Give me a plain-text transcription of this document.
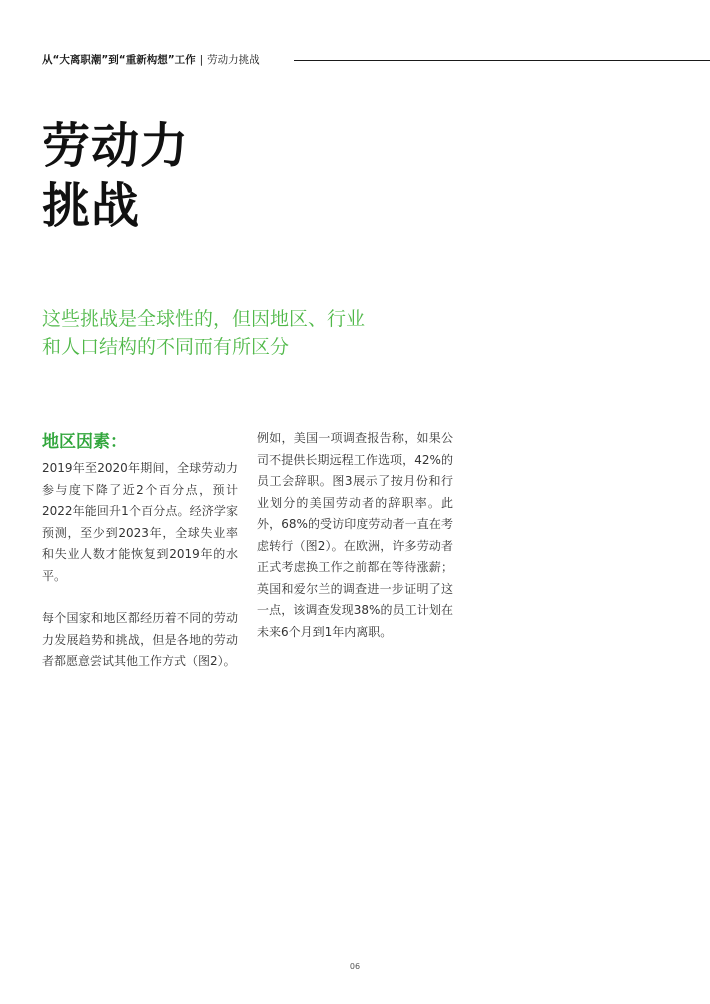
从“大离职潮”到“重新构想”工作 | 劳动力挑战
劳动力
挑战
这些挑战是全球性的，但因地区、行业
和人口结构的不同而有所区分
地区因素：

2019年至2020年期间，全球劳动力参与度下降了近2个百分点，预计2022年能回升1个百分点。经济学家预测，至少到2023年，全球失业率和失业人数才能恢复到2019年的水平。

每个国家和地区都经历着不同的劳动力发展趋势和挑战，但是各地的劳动者都愿意尝试其他工作方式（图2）。

例如，美国一项调查报告称，如果公司不提供长期远程工作选项，42%的员工会辞职。图3展示了按月份和行业划分的美国劳动者的辞职率。此外，68%的受访印度劳动者一直在考虑转行（图2）。在欧洲，许多劳动者正式考虑换工作之前都在等待涨薪；英国和爱尔兰的调查进一步证明了这一点，该调查发现38%的员工计划在未来6个月到1年内离职。

06
